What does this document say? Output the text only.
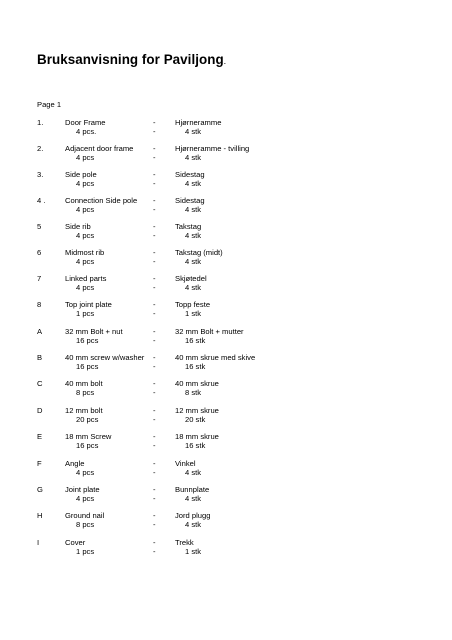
Bruksanvisning for Paviljong.
Page 1
1.	Door Frame	-	Hjørneramme
4 pcs.	-	4 stk
2.	Adjacent door frame	-	Hjørneramme - tvilling
4 pcs	-	4 stk
3.	Side pole	-	Sidestag
4 pcs	-	4 stk
4 .	Connection Side pole -	Sidestag
4 pcs	-	4 stk
5	Side rib	-	Takstag
4 pcs	-	4 stk
6	Midmost rib	-	Takstag (midt)
4 pcs	-	4 stk
7	Linked parts	-	Skjøtedel
4 pcs	-	4 stk
8	Top joint plate	-	Topp feste
1 pcs	-	1 stk
A	32 mm Bolt + nut	-	32 mm Bolt + mutter
16 pcs	-	16 stk
B	40 mm screw w/washer -	40 mm skrue med skive
16 pcs	-	16 stk
C	40 mm bolt	-	40 mm skrue
8 pcs	-	8 stk
D	12 mm bolt	-	12 mm skrue
20 pcs	-	20 stk
E	18 mm Screw	-	18 mm skrue
16 pcs	-	16 stk
F	Angle	-	Vinkel
4 pcs	-	4 stk
G	Joint plate	-	Bunnplate
4 pcs	-	4 stk
H	Ground nail	-	Jord plugg
8 pcs	-	4 stk
I	Cover	-	Trekk
1 pcs	-	1 stk
